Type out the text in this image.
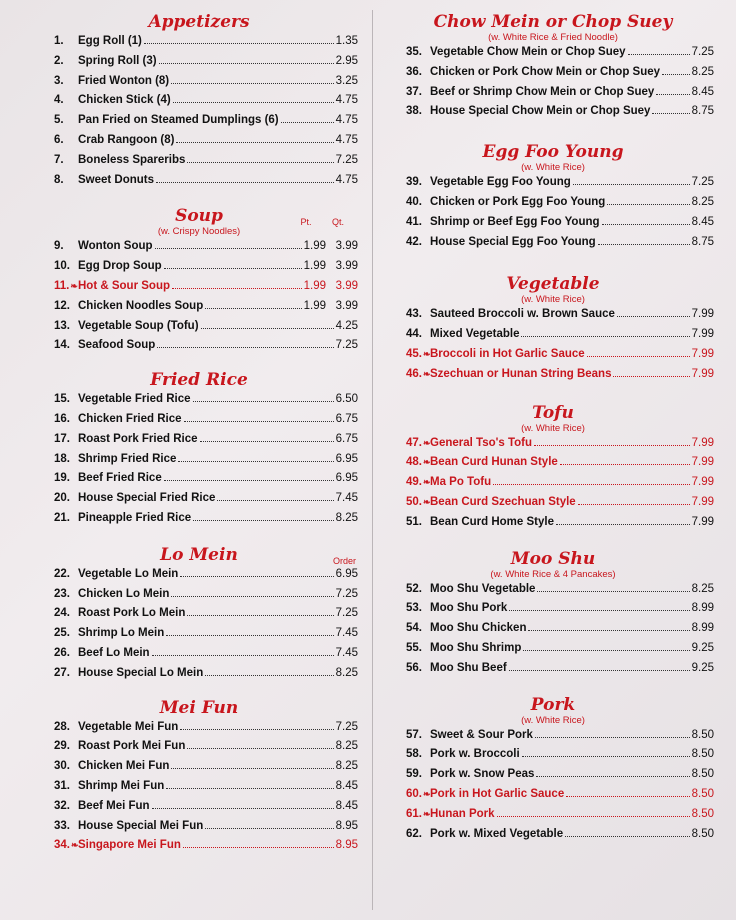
Appetizers
1.	Egg Roll (1)	1.35
2.	Spring Roll (3)	2.95
3.	Fried Wonton (8)	3.25
4.	Chicken Stick (4)	4.75
5.	Pan Fried on Steamed Dumplings (6)	4.75
6.	Crab Rangoon (8)	4.75
7.	Boneless Spareribs	7.25
8.	Sweet Donuts	4.75
Soup
(w. Crispy Noodles)
Pt. Qt.
9.	Wonton Soup	1.99 3.99
10. Egg Drop Soup	1.99 3.99
11.❧ Hot & Sour Soup	1.99 3.99
12. Chicken Noodles Soup	1.99 3.99
13. Vegetable Soup (Tofu)	4.25
14. Seafood Soup	7.25
Fried Rice
15. Vegetable Fried Rice	6.50
16. Chicken Fried Rice	6.75
17. Roast Pork Fried Rice	6.75
18. Shrimp Fried Rice	6.95
19. Beef Fried Rice	6.95
20. House Special Fried Rice	7.45
21. Pineapple Fried Rice	8.25
Lo Mein	Order
22. Vegetable Lo Mein	6.95
23. Chicken Lo Mein	7.25
24. Roast Pork Lo Mein	7.25
25. Shrimp Lo Mein	7.45
26. Beef Lo Mein	7.45
27. House Special Lo Mein	8.25
Mei Fun
28. Vegetable Mei Fun	7.25
29. Roast Pork Mei Fun	8.25
30. Chicken Mei Fun	8.25
31. Shrimp Mei Fun	8.45
32. Beef Mei Fun	8.45
33. House Special Mei Fun	8.95
34.❧ Singapore Mei Fun	8.95
Chow Mein or Chop Suey
(w. White Rice & Fried Noodle)
35. Vegetable Chow Mein or Chop Suey	7.25
36. Chicken or Pork Chow Mein or Chop Suey	8.25
37. Beef or Shrimp Chow Mein or Chop Suey	8.45
38. House Special Chow Mein or Chop Suey	8.75
Egg Foo Young
(w. White Rice)
39. Vegetable Egg Foo Young	7.25
40. Chicken or Pork Egg Foo Young	8.25
41. Shrimp or Beef Egg Foo Young	8.45
42. House Special Egg Foo Young	8.75
Vegetable
(w. White Rice)
43. Sauteed Broccoli w. Brown Sauce	7.99
44. Mixed Vegetable	7.99
45.❧ Broccoli in Hot Garlic Sauce	7.99
46.❧ Szechuan or Hunan String Beans	7.99
Tofu
(w. White Rice)
47.❧ General Tso's Tofu	7.99
48.❧ Bean Curd Hunan Style	7.99
49.❧ Ma Po Tofu	7.99
50.❧ Bean Curd Szechuan Style	7.99
51. Bean Curd Home Style	7.99
Moo Shu
(w. White Rice & 4 Pancakes)
52. Moo Shu Vegetable	8.25
53. Moo Shu Pork	8.99
54. Moo Shu Chicken	8.99
55. Moo Shu Shrimp	9.25
56. Moo Shu Beef	9.25
Pork
(w. White Rice)
57. Sweet & Sour Pork	8.50
58. Pork w. Broccoli	8.50
59. Pork w. Snow Peas	8.50
60.❧ Pork in Hot Garlic Sauce	8.50
61.❧ Hunan Pork	8.50
62. Pork w. Mixed Vegetable	8.50
